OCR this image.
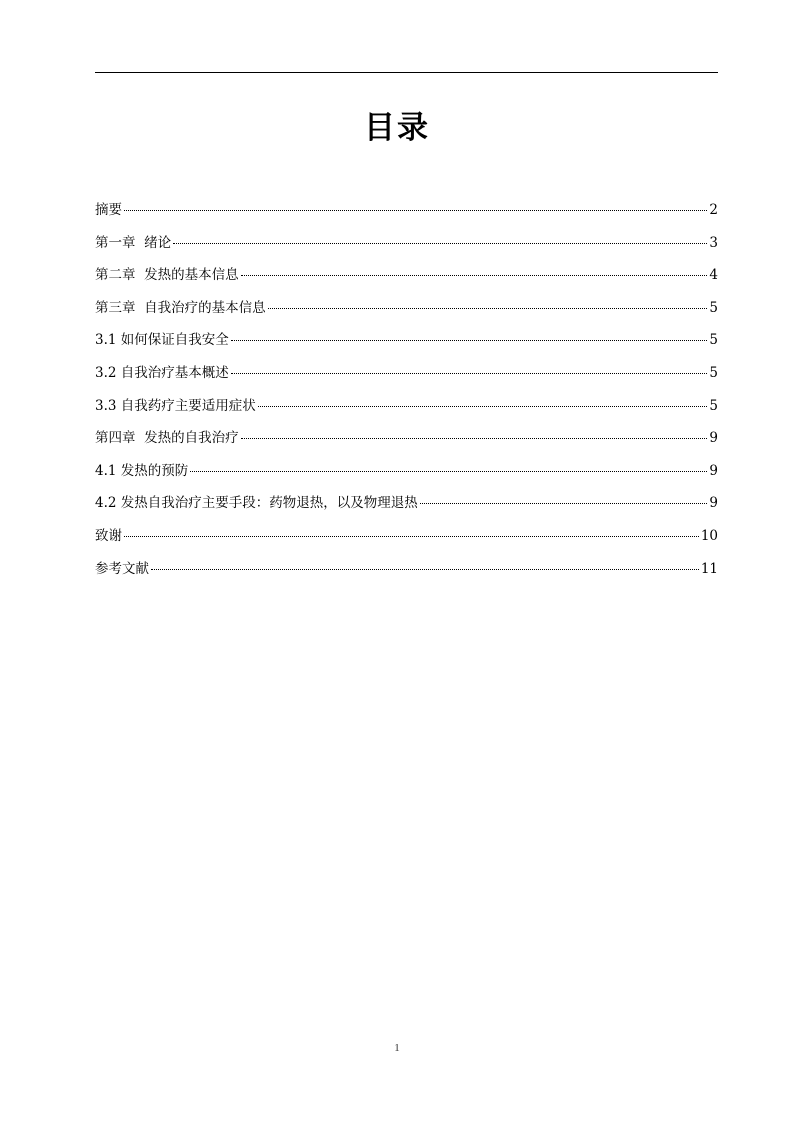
目录
摘要	2
第一章  绪论	3
第二章  发热的基本信息	4
第三章  自我治疗的基本信息	5
3.1 如何保证自我安全	5
3.2 自我治疗基本概述	5
3.3 自我药疗主要适用症状	5
第四章  发热的自我治疗	9
4.1 发热的预防	9
4.2 发热自我治疗主要手段：药物退热，以及物理退热	9
致谢	10
参考文献	11
1
